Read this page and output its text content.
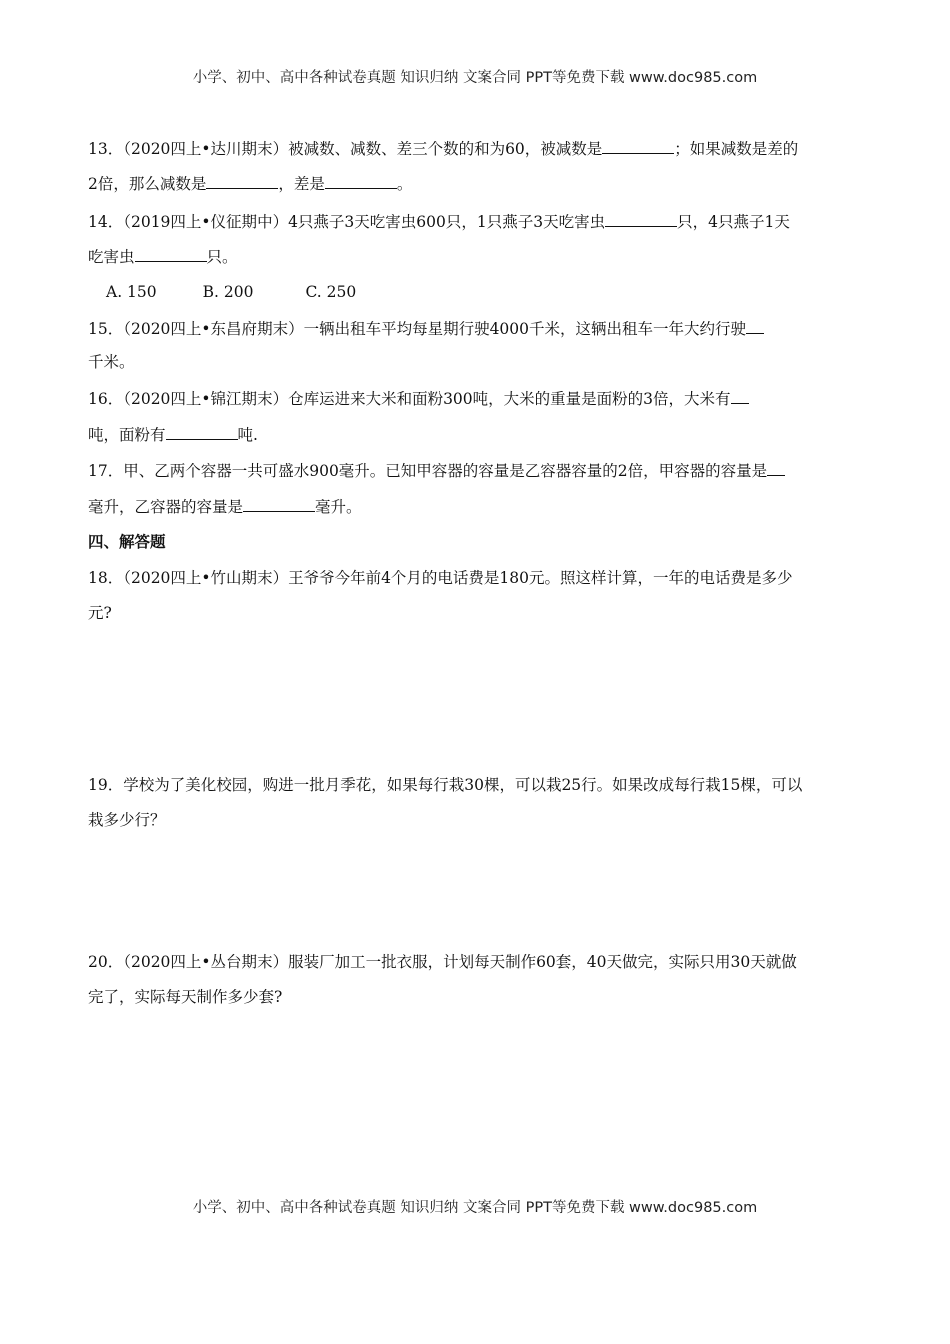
小学、初中、高中各种试卷真题 知识归纳 文案合同 PPT等免费下载 www.doc985.com
13．（2020四上•达川期末）被减数、减数、差三个数的和为60，被减数是	；如果减数是差的
2倍，那么减数是	，差是	。
14．（2019四上•仪征期中）4只燕子3天吃害虫600只，1只燕子3天吃害虫	只，4只燕子1天
吃害虫	只。
A. 150	B. 200	C. 250
15．（2020四上•东昌府期末）一辆出租车平均每星期行驶4000千米，这辆出租车一年大约行驶
千米。
16．（2020四上•锦江期末）仓库运进来大米和面粉300吨，大米的重量是面粉的3倍，大米有
吨，面粉有	吨.
17．甲、乙两个容器一共可盛水900毫升。已知甲容器的容量是乙容器容量的2倍，甲容器的容量是
毫升，乙容器的容量是	毫升。
四、解答题
18．（2020四上•竹山期末）王爷爷今年前4个月的电话费是180元。照这样计算，一年的电话费是多少
元?
19．学校为了美化校园，购进一批月季花，如果每行栽30棵，可以栽25行。如果改成每行栽15棵，可以
栽多少行？
20．（2020四上•丛台期末）服装厂加工一批衣服，计划每天制作60套，40天做完，实际只用30天就做
完了，实际每天制作多少套?
小学、初中、高中各种试卷真题 知识归纳 文案合同 PPT等免费下载 www.doc985.com
